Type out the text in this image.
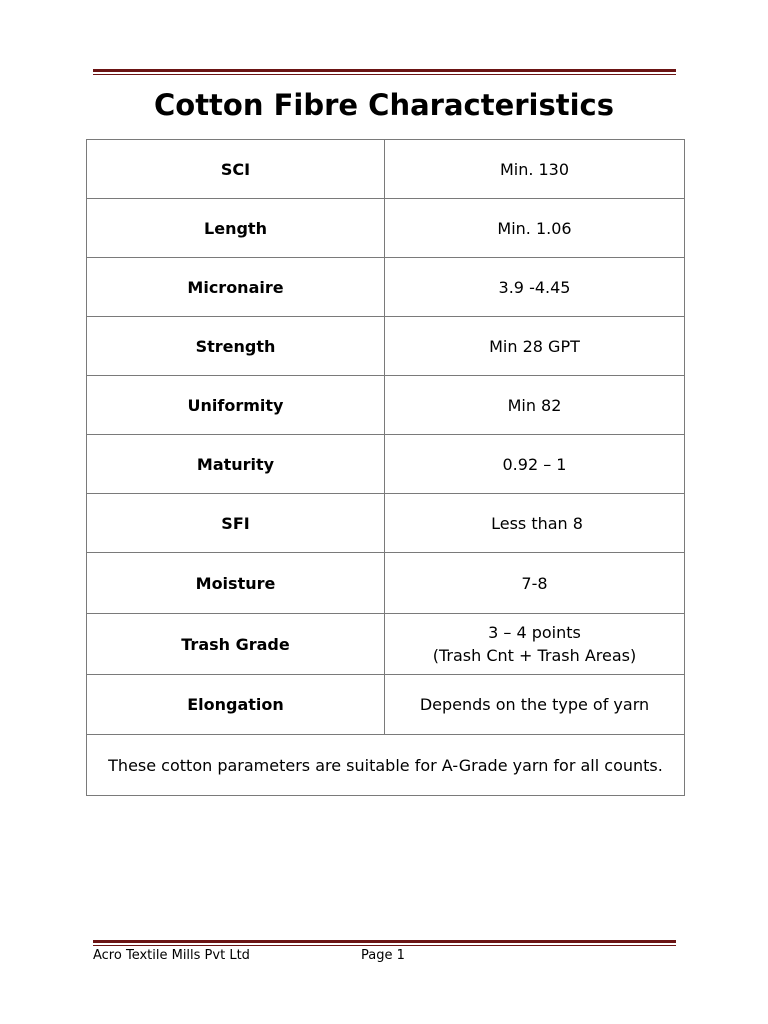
Cotton Fibre Characteristics
SCI	Min. 130
Length	Min. 1.06
Micronaire	3.9 -4.45
Strength	Min 28 GPT
Uniformity	Min 82
Maturity	0.92 – 1
SFI	Less than 8
Moisture	7-8
Trash Grade	3 – 4 points
(Trash Cnt + Trash Areas)

Elongation	Depends on the type of yarn
These cotton parameters are suitable for A-Grade yarn for all counts.	
Acro Textile Mills Pvt Ltd	Page 1
